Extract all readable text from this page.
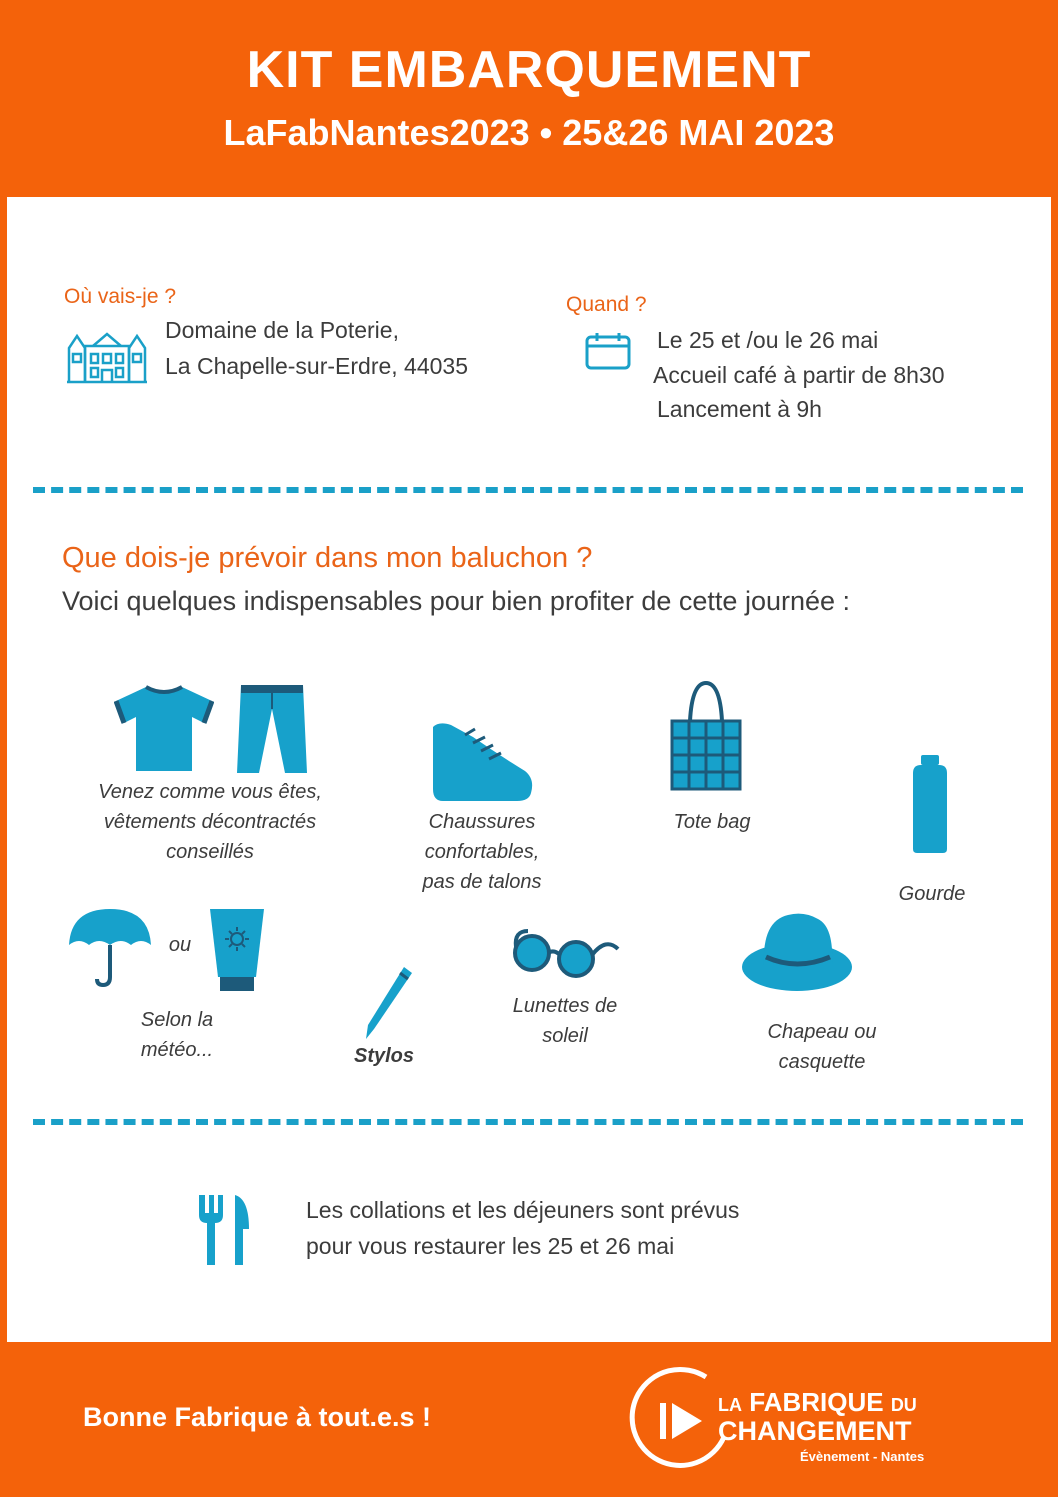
KIT EMBARQUEMENT
LaFabNantes2023 • 25&26 MAI 2023
Où vais-je ?
Domaine de la Poterie,
La Chapelle-sur-Erdre, 44035
Quand ?
Le 25 et /ou le 26 mai
Accueil café à partir de 8h30
Lancement à 9h
Que dois-je prévoir dans mon baluchon ?
Voici quelques indispensables pour bien profiter de cette journée :
Venez comme vous êtes,
vêtements décontractés
conseillés
Chaussures
confortables,
pas de talons
Tote bag
Gourde
ou
Selon la
météo...	Stylos
Lunettes de
soleil	Chapeau ou
casquette
Les collations et les déjeuners sont prévus
pour vous restaurer les 25 et 26 mai
Bonne Fabrique à tout.e.s !	LA FABRIQUE DU
CHANGEMENT
Évènement - Nantes
